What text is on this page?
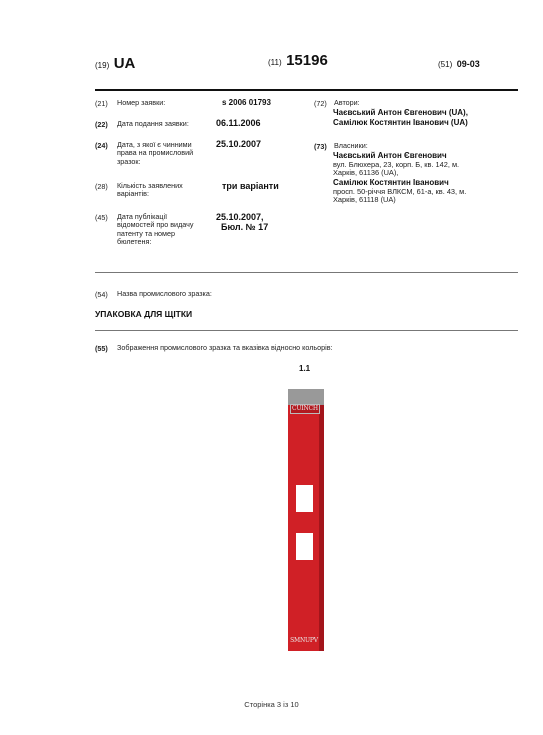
(19) UA	(11) 15196	(51) 09-03
(21) Номер заявки:	s 2006 01793
(22) Дата подання заявки:	06.11.2006
(24) Дата, з якої є чинними
права на промисловий
зразок:
25.10.2007
(28) Кількість заявлених
варіантів:
три варіанти
(45) Дата публікації
відомостей про видачу
патенту та номер
бюлетеня:
25.10.2007,
Бюл. № 17
(72) Автори:
Чаєвський Антон Євгенович (UA),
Самілюк Костянтин Іванович (UA)
(73) Власники:
Чаєвський Антон Євгенович
вул. Блюхера, 23, корп. Б, кв. 142, м.
Харків, 61136 (UA),
Самілюк Костянтин Іванович
просп. 50-річчя ВЛКСМ, 61-а, кв. 43, м.
Харків, 61118 (UA)
(54) Назва промислового зразка:
УПАКОВКА ДЛЯ ЩІТКИ
(55) Зображення промислового зразка та вказівка відносно кольорів:
1.1
CUINCH
SMNUPV
Сторінка 3 із 10
